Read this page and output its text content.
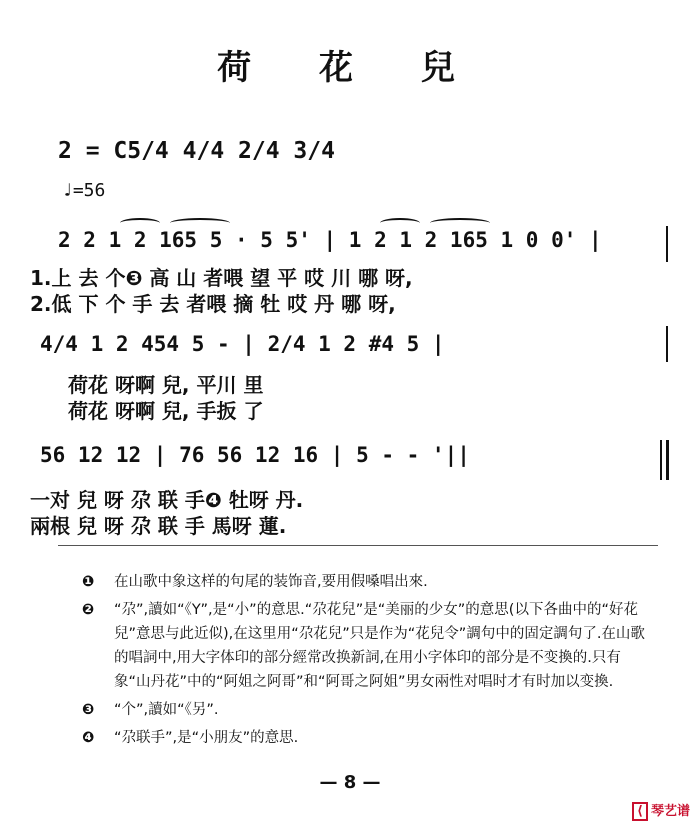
荷 花 兒
2 = C5/4 4/4 2/4 3/4
♩=56
2 2 1 2 165 5 · 5 5' | 1 2 1 2 165 1 0 0' |
1.上 去 个❸ 高 山 者喂 望 平 哎 川 哪 呀,
2.低 下 个 手 去 者喂 摘 牡 哎 丹 哪 呀,
4/4 1 2 454 5 - | 2/4 1 2 #4 5 |
荷花 呀啊 兒, 平川 里
荷花 呀啊 兒, 手扳 了
56 12 12 | 76 56 12 16 | 5 - - '||
一对 兒 呀 尕 联 手❹ 牡呀 丹.
兩根 兒 呀 尕 联 手 馬呀 蓮.
❶ 在山歌中象这样的句尾的装饰音,要用假嗓唱出來.
❷ “尕”,讀如“《Y”,是“小”的意思.“尕花兒”是“美丽的少女”的意思(以下各曲中的“好花兒”意思与此近似),在这里用“尕花兒”只是作为“花兒令”調句中的固定調句了.在山歌的唱詞中,用大字体印的部分經常改换新詞,在用小字体印的部分是不变換的.只有象“山丹花”中的“阿姐之阿哥”和“阿哥之阿姐”男女兩性对唱时才有时加以变換.
❸ “个”,讀如“《另”.
❹ “尕联手”,是“小朋友”的意思.
— 8 —
⟨ 琴艺谱
